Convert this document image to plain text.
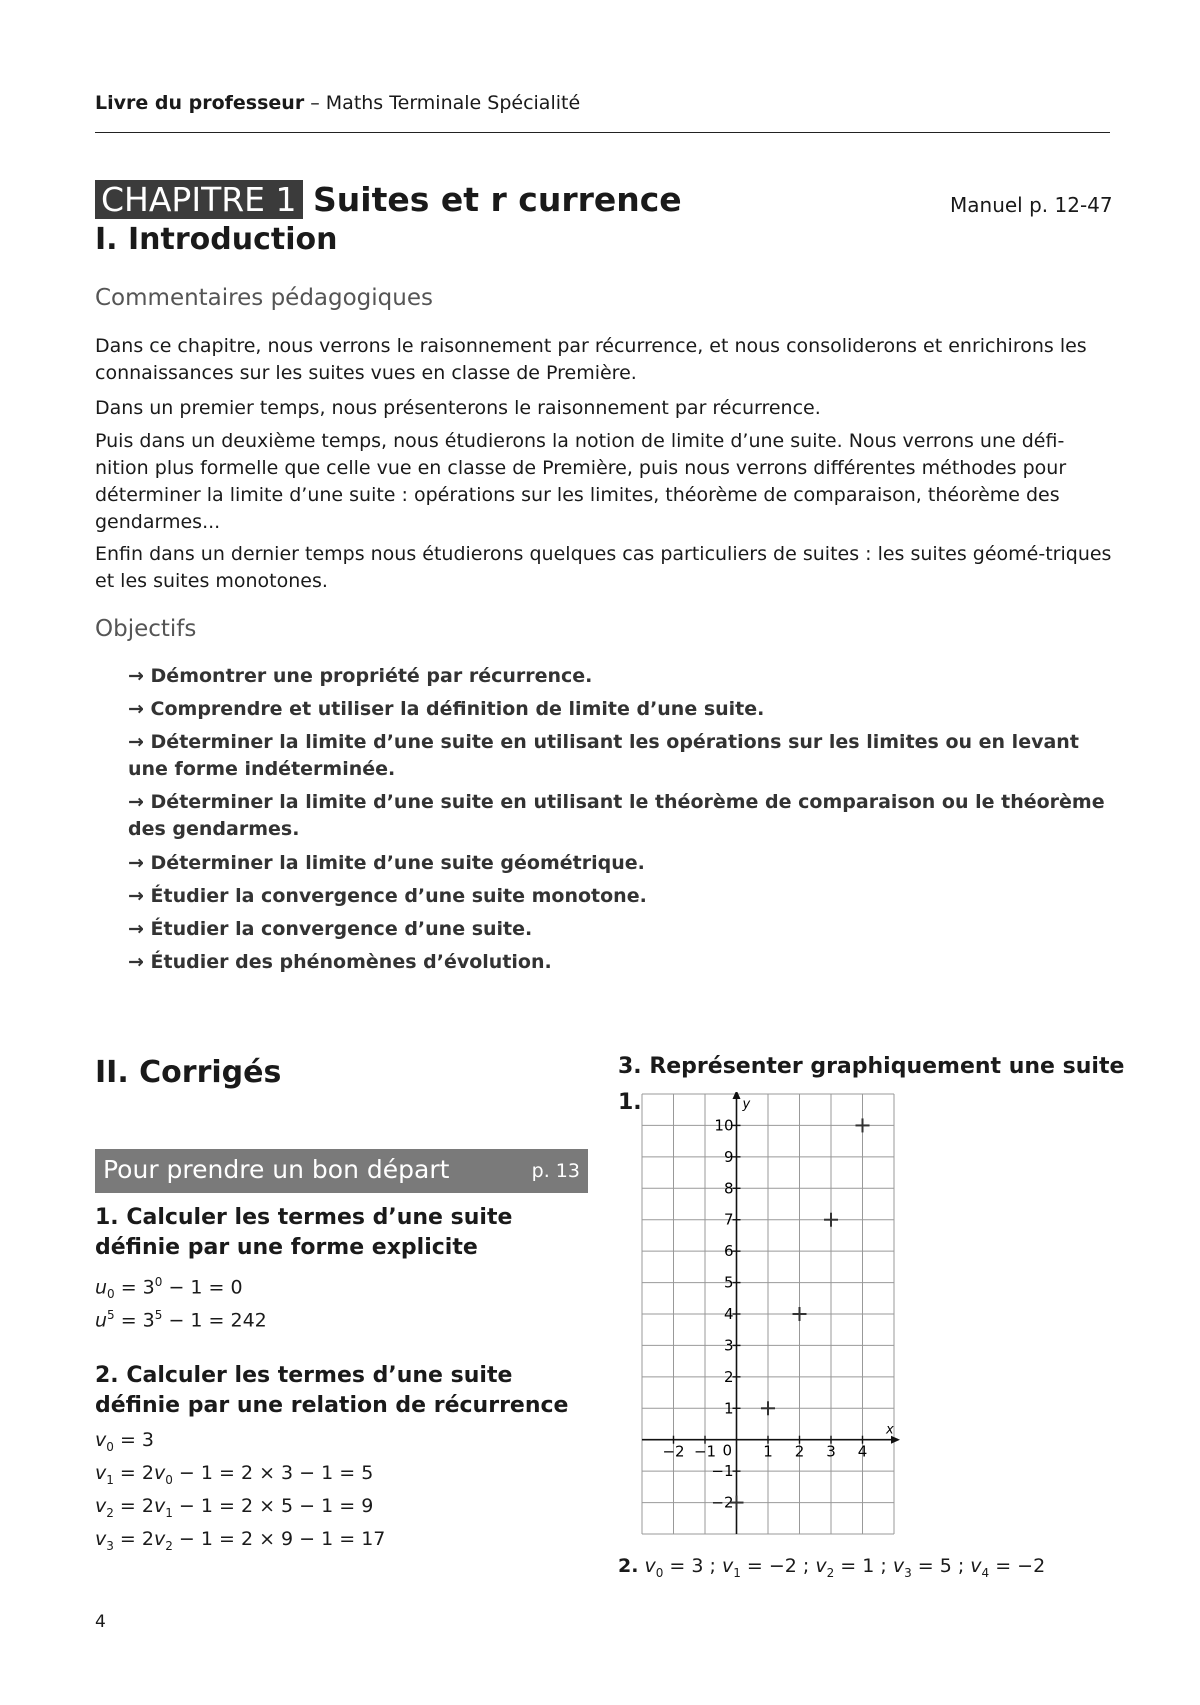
Livre du professeur – Maths Terminale Spécialité
CHAPITRE 1 Suites et r currence	Manuel p. 12-47
I. Introduction
Commentaires pédagogiques
Dans ce chapitre, nous verrons le raisonnement par récurrence, et nous consoliderons et enrichirons les connaissances sur les suites vues en classe de Première.
Dans un premier temps, nous présenterons le raisonnement par récurrence.
Puis dans un deuxième temps, nous étudierons la notion de limite d’une suite. Nous verrons une défi-nition plus formelle que celle vue en classe de Première, puis nous verrons différentes méthodes pour déterminer la limite d’une suite : opérations sur les limites, théorème de comparaison, théorème des gendarmes...
Enfin dans un dernier temps nous étudierons quelques cas particuliers de suites : les suites géomé-triques et les suites monotones.
Objectifs
→ Démontrer une propriété par récurrence.
→ Comprendre et utiliser la définition de limite d’une suite.
→ Déterminer la limite d’une suite en utilisant les opérations sur les limites ou en levant une forme indéterminée.
→ Déterminer la limite d’une suite en utilisant le théorème de comparaison ou le théorème des gendarmes.
→ Déterminer la limite d’une suite géométrique.
→ Étudier la convergence d’une suite monotone.
→ Étudier la convergence d’une suite.
→ Étudier des phénomènes d’évolution.
II. Corrigés
Pour prendre un bon départ	p. 13
1. Calculer les termes d’une suite définie par une forme explicite
$u_0 = 3^0 - 1 = 0$
$u^5 = 3^5 - 1 = 242$
2. Calculer les termes d’une suite définie par une relation de récurrence
$v_0 = 3$
$v_1 = 2v_0 - 1 = 2 \times 3 - 1 = 5$
$v_2 = 2v_1 - 1 = 2 \times 5 - 1 = 9$
$v_3 = 2v_2 - 1 = 2 \times 9 - 1 = 17$
3. Représenter graphiquement une suite
1.
x
y
0
−2 −1	1 2 3 4
10
9
8
7
6
5
4
3
2
1
−1
−2
2. $v_0 = 3$ ; $v_1 = -2$ ; $v_2 = 1$ ; $v_3 = 5$ ; $v_4 = -2$
4
